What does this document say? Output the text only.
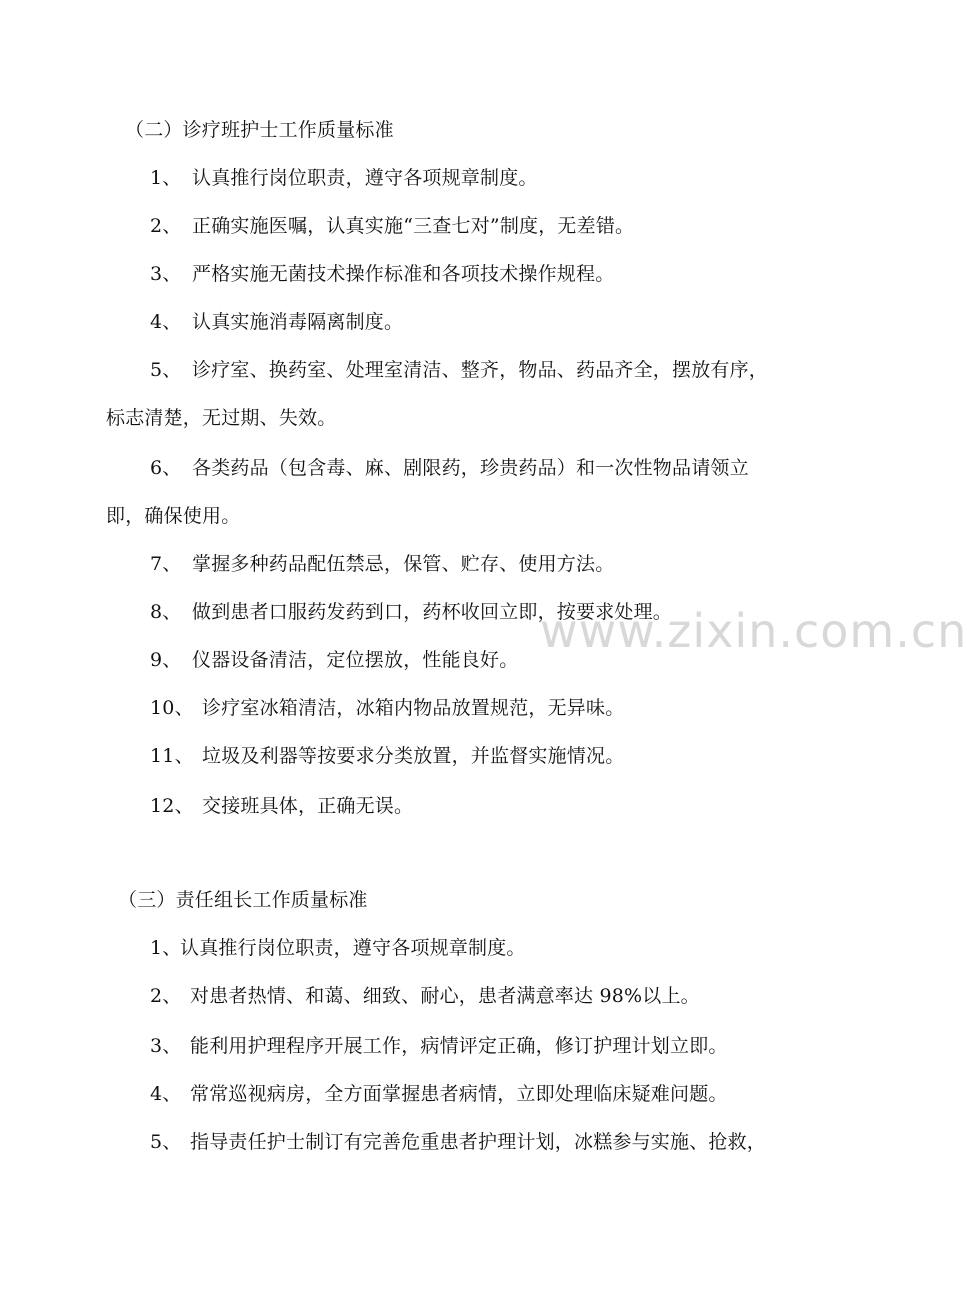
（二）诊疗班护士工作质量标准
1、 认真推行岗位职责，遵守各项规章制度。
2、 正确实施医嘱，认真实施“三查七对”制度，无差错。
3、 严格实施无菌技术操作标准和各项技术操作规程。
4、 认真实施消毒隔离制度。
5、 诊疗室、换药室、处理室清洁、整齐，物品、药品齐全，摆放有序，
标志清楚，无过期、失效。
6、 各类药品（包含毒、麻、剧限药，珍贵药品）和一次性物品请领立
即，确保使用。
7、 掌握多种药品配伍禁忌，保管、贮存、使用方法。
8、 做到患者口服药发药到口，药杯收回立即，按要求处理。
9、 仪器设备清洁，定位摆放，性能良好。
10、 诊疗室冰箱清洁，冰箱内物品放置规范，无异味。
11、 垃圾及利器等按要求分类放置，并监督实施情况。
12、 交接班具体，正确无误。
（三）责任组长工作质量标准
1、认真推行岗位职责，遵守各项规章制度。
2、 对患者热情、和蔼、细致、耐心，患者满意率达 98%以上。
3、 能利用护理程序开展工作，病情评定正确，修订护理计划立即。
4、 常常巡视病房，全方面掌握患者病情，立即处理临床疑难问题。
5、 指导责任护士制订有完善危重患者护理计划，冰糕参与实施、抢救，
www.zixin.com.cn
